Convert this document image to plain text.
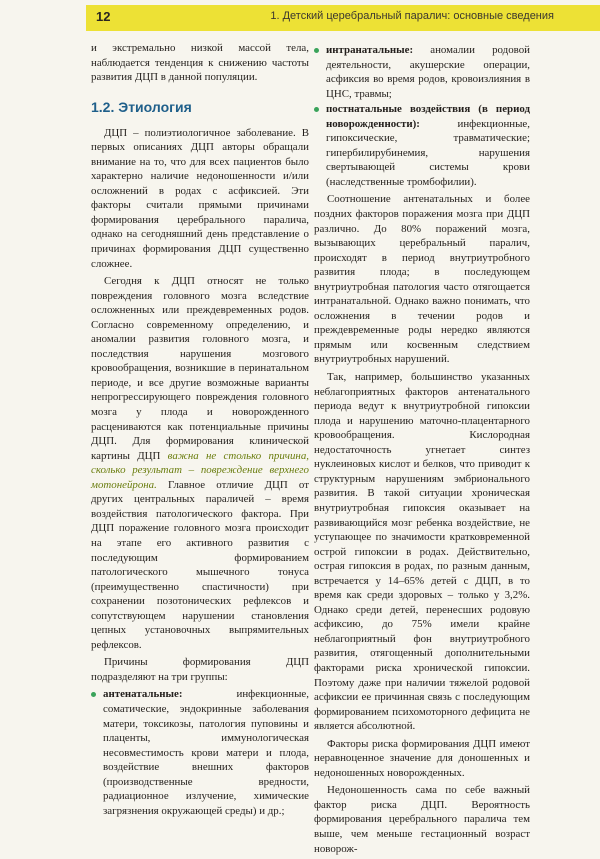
12	1. Детский церебральный паралич: основные сведения

и экстремально низкой массой тела, наблюдается тенденция к снижению частоты развития ДЦП в данной популяции.

1.2. Этиология

ДЦП – полиэтиологичное заболевание. В первых описаниях ДЦП авторы обращали внимание на то, что для всех пациентов было характерно наличие недоношенности и/или осложнений в родах с асфиксией. Эти факторы считали прямыми причинами формирования церебрального паралича, однако на сегодняшний день представление о причинах формирования ДЦП существенно сложнее.

Сегодня к ДЦП относят не только повреждения головного мозга вследствие осложненных или преждевременных родов. Согласно современному определению, и аномалии развития головного мозга, и последствия нарушения мозгового кровообращения, возникшие в перинатальном периоде, и все другие возможные варианты непрогрессирующего повреждения головного мозга у плода и новорожденного расцениваются как потенциальные причины ДЦП. Для формирования клинической картины ДЦП важна не столько причина, сколько результат – повреждение верхнего мотонейрона. Главное отличие ДЦП от других центральных параличей – время воздействия патологического фактора. При ДЦП поражение головного мозга происходит на этапе его активного развития с последующим формированием патологического мышечного тонуса (преимущественно спастичности) при сохранении позотонических рефлексов и сопутствующем нарушении становления цепных установочных выпрямительных рефлексов.

Причины формирования ДЦП подразделяют на три группы:

антенатальные: инфекционные, соматические, эндокринные заболевания матери, токсикозы, патология пуповины и плаценты, иммунологическая несовместимость крови матери и плода, воздействие внешних факторов (производственные вредности, радиационное излучение, химические загрязнения окружающей среды) и др.;
интранатальные: аномалии родовой деятельности, акушерские операции, асфиксия во время родов, кровоизлияния в ЦНС, травмы;
постнатальные воздействия (в период новорожденности): инфекционные, гипоксические, травматические; гипербилирубинемия, нарушения свертывающей системы крови (наследственные тромбофилии).

Соотношение антенатальных и более поздних факторов поражения мозга при ДЦП различно. До 80% поражений мозга, вызывающих церебральный паралич, происходят в период внутриутробного развития плода; в последующем внутриутробная патология часто отягощается интранатальной. Однако важно понимать, что осложнения в течении родов и преждевременные роды нередко являются прямым или косвенным следствием внутриутробных нарушений.

Так, например, большинство указанных неблагоприятных факторов антенатального периода ведут к внутриутробной гипоксии плода и нарушению маточно-плацентарного кровообращения. Кислородная недостаточность угнетает синтез нуклеиновых кислот и белков, что приводит к структурным нарушениям эмбрионального развития. В такой ситуации хроническая внутриутробная гипоксия оказывает на развивающийся мозг ребенка воздействие, не уступающее по значимости кратковременной острой гипоксии в родах. Действительно, острая гипоксия в родах, по разным данным, встречается у 14–65% детей с ДЦП, в то время как среди здоровых – только у 3,2%. Однако среди детей, перенесших родовую асфиксию, до 75% имели крайне неблагоприятный фон внутриутробного развития, отягощенный дополнительными факторами риска хронической гипоксии. Поэтому даже при наличии тяжелой родовой асфиксии ее причинная связь с последующим формированием психомоторного дефицита не является абсолютной.

Факторы риска формирования ДЦП имеют неравноценное значение для доношенных и недоношенных новорожденных.

Недоношенность сама по себе важный фактор риска ДЦП. Вероятность формирования церебрального паралича тем выше, чем меньше гестационный возраст новорож-
